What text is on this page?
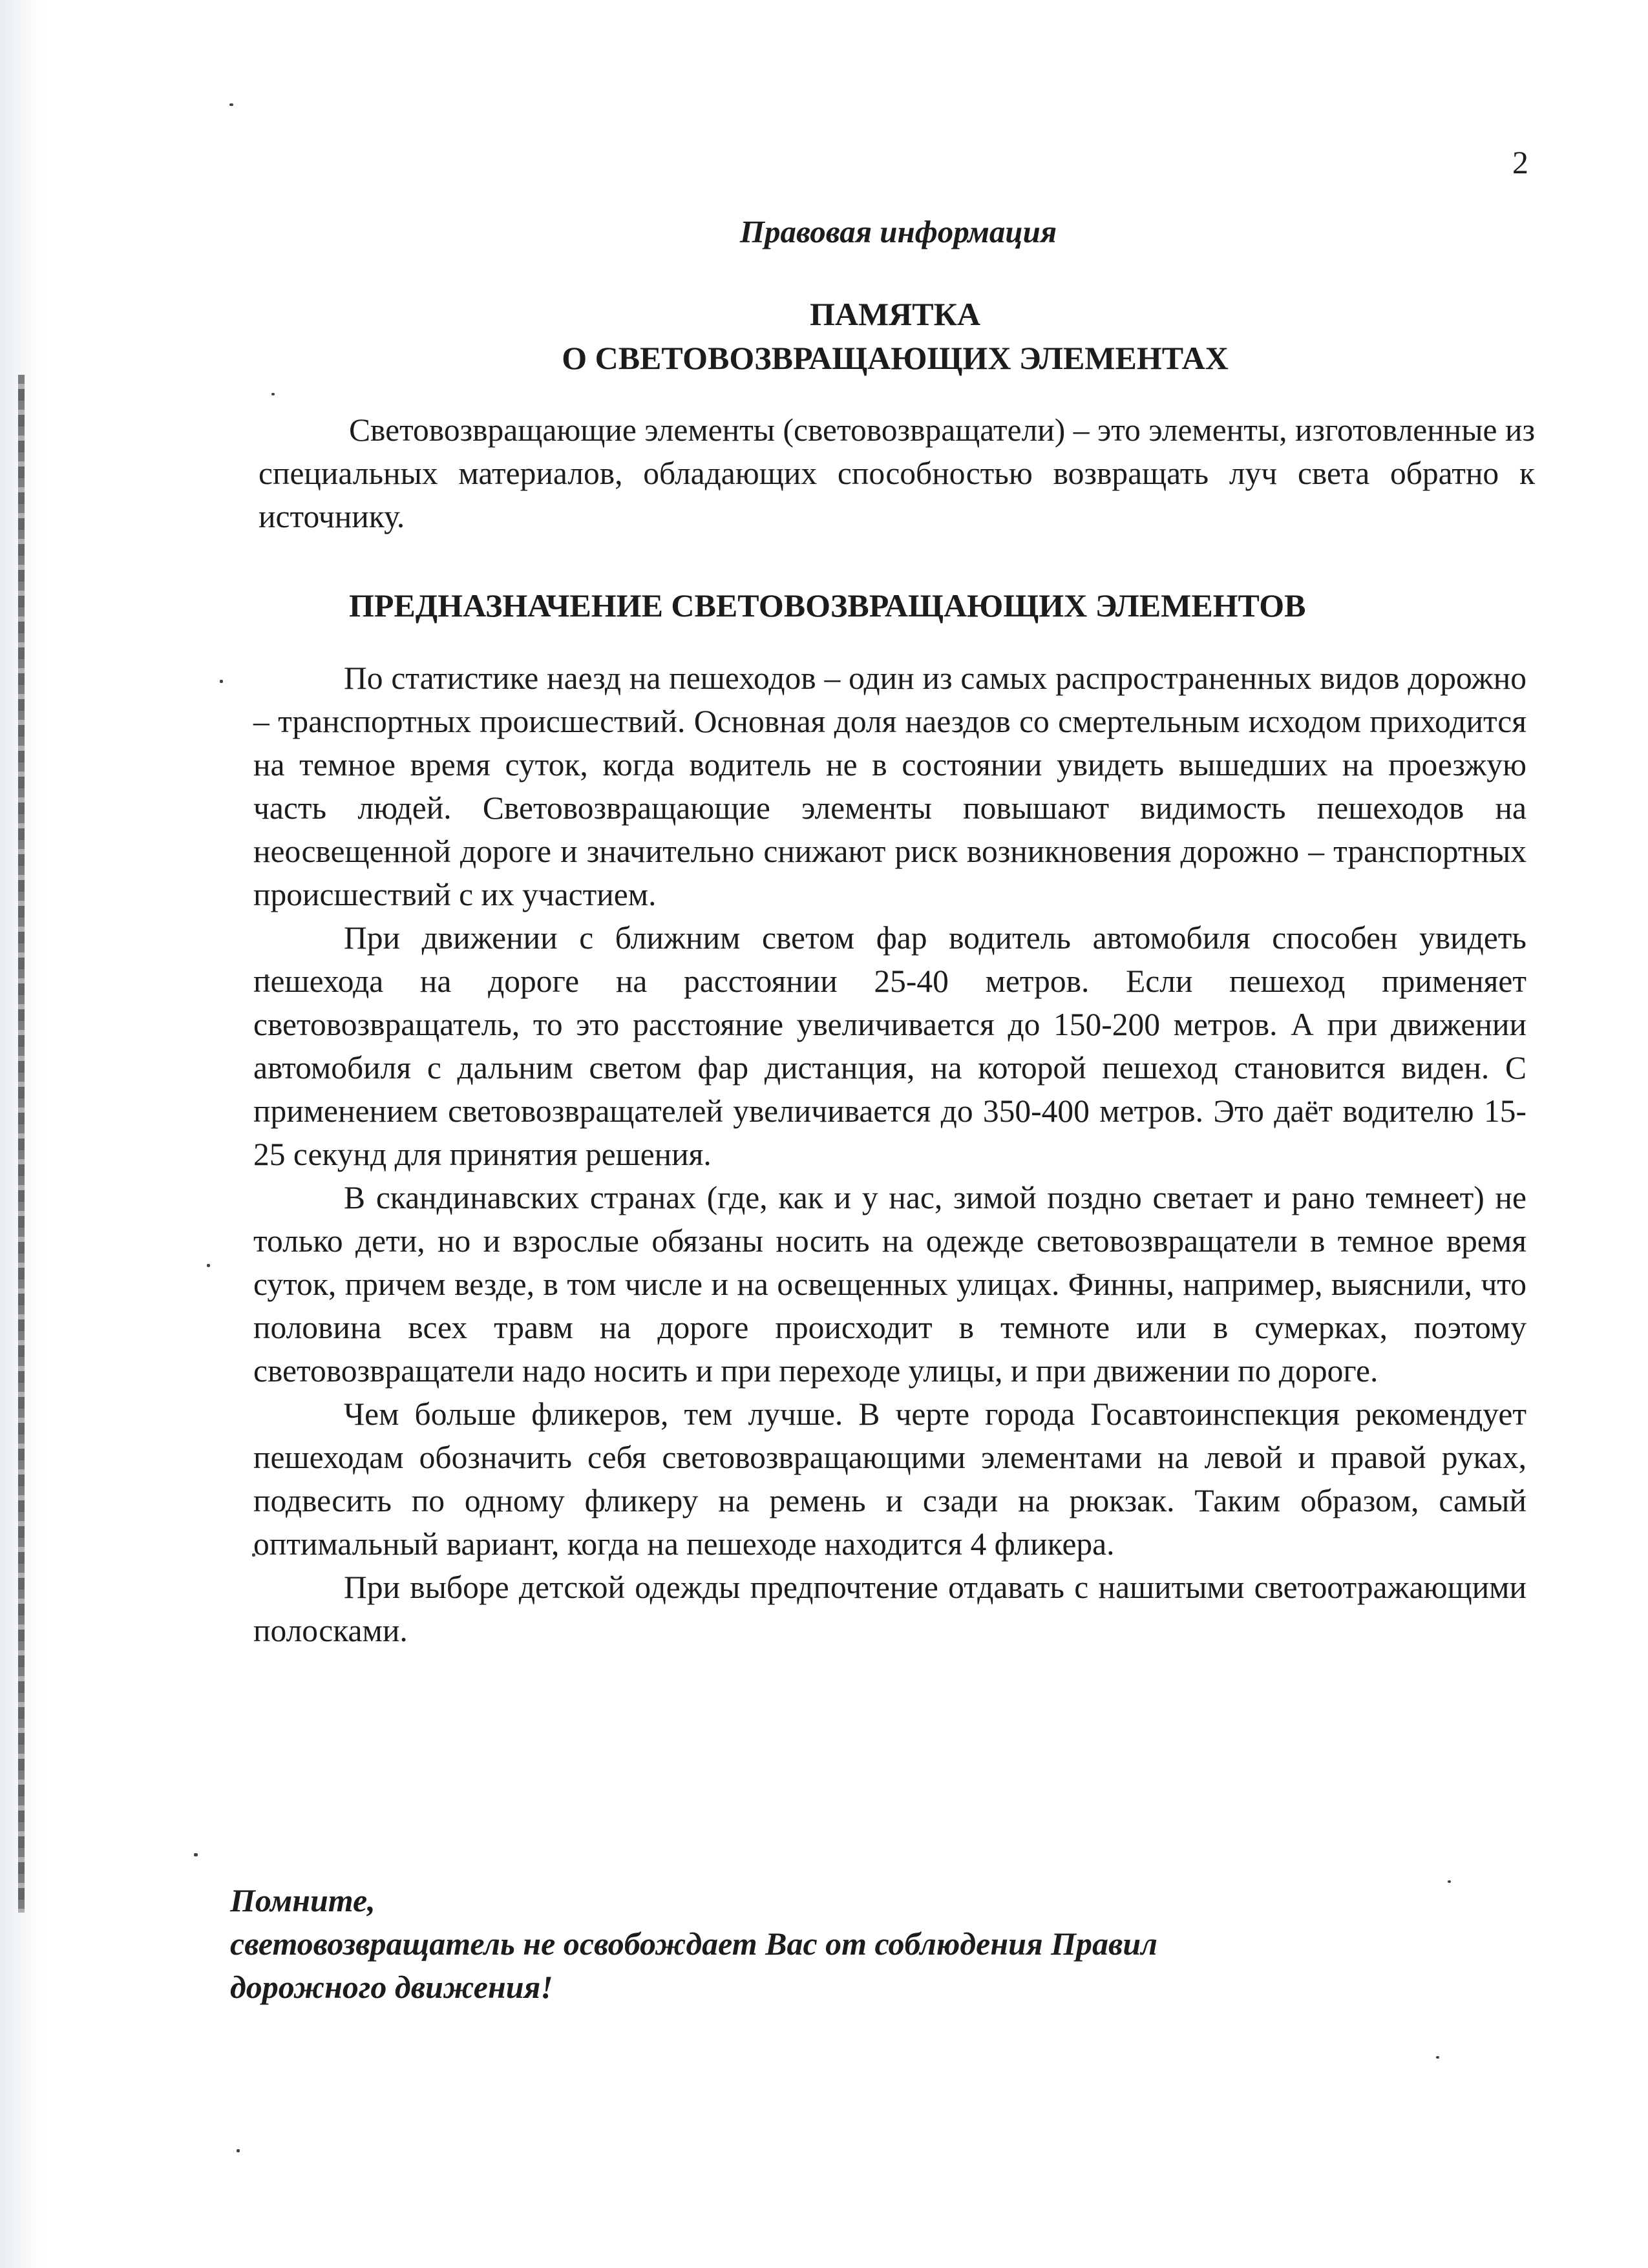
2
Правовая информация
ПАМЯТКА
О СВЕТОВОЗВРАЩАЮЩИХ ЭЛЕМЕНТАХ

Световозвращающие элементы (световозвращатели) – это элементы, изготовленные из специальных материалов, обладающих способностью возвращать луч света обратно к источнику.

ПРЕДНАЗНАЧЕНИЕ СВЕТОВОЗВРАЩАЮЩИХ ЭЛЕМЕНТОВ

По статистике наезд на пешеходов – один из самых распространенных видов дорожно – транспортных происшествий. Основная доля наездов со смертельным исходом приходится на темное время суток, когда водитель не в состоянии увидеть вышедших на проезжую часть людей. Световозвращающие элементы повышают видимость пешеходов на неосвещенной дороге и значительно снижают риск возникновения дорожно – транспортных происшествий с их участием.

При движении с ближним светом фар водитель автомобиля способен увидеть пешехода на дороге на расстоянии 25-40 метров. Если пешеход применяет световозвращатель, то это расстояние увеличивается до 150-200 метров. А при движении автомобиля с дальним светом фар дистанция, на которой пешеход становится виден. С применением световозвращателей увеличивается до 350-400 метров. Это даёт водителю 15-25 секунд для принятия решения.

В скандинавских странах (где, как и у нас, зимой поздно светает и рано темнеет) не только дети, но и взрослые обязаны носить на одежде световозвращатели в темное время суток, причем везде, в том числе и на освещенных улицах. Финны, например, выяснили, что половина всех травм на дороге происходит в темноте или в сумерках, поэтому световозвращатели надо носить и при переходе улицы, и при движении по дороге.

Чем больше фликеров, тем лучше. В черте города Госавтоинспекция рекомендует пешеходам обозначить себя световозвращающими элементами на левой и правой руках, подвесить по одному фликеру на ремень и сзади на рюкзак. Таким образом, самый оптимальный вариант, когда на пешеходе находится 4 фликера.

При выборе детской одежды предпочтение отдавать с нашитыми светоотражающими полосками.

Помните,
световозвращатель не освобождает Вас от соблюдения Правил
дорожного движения!
